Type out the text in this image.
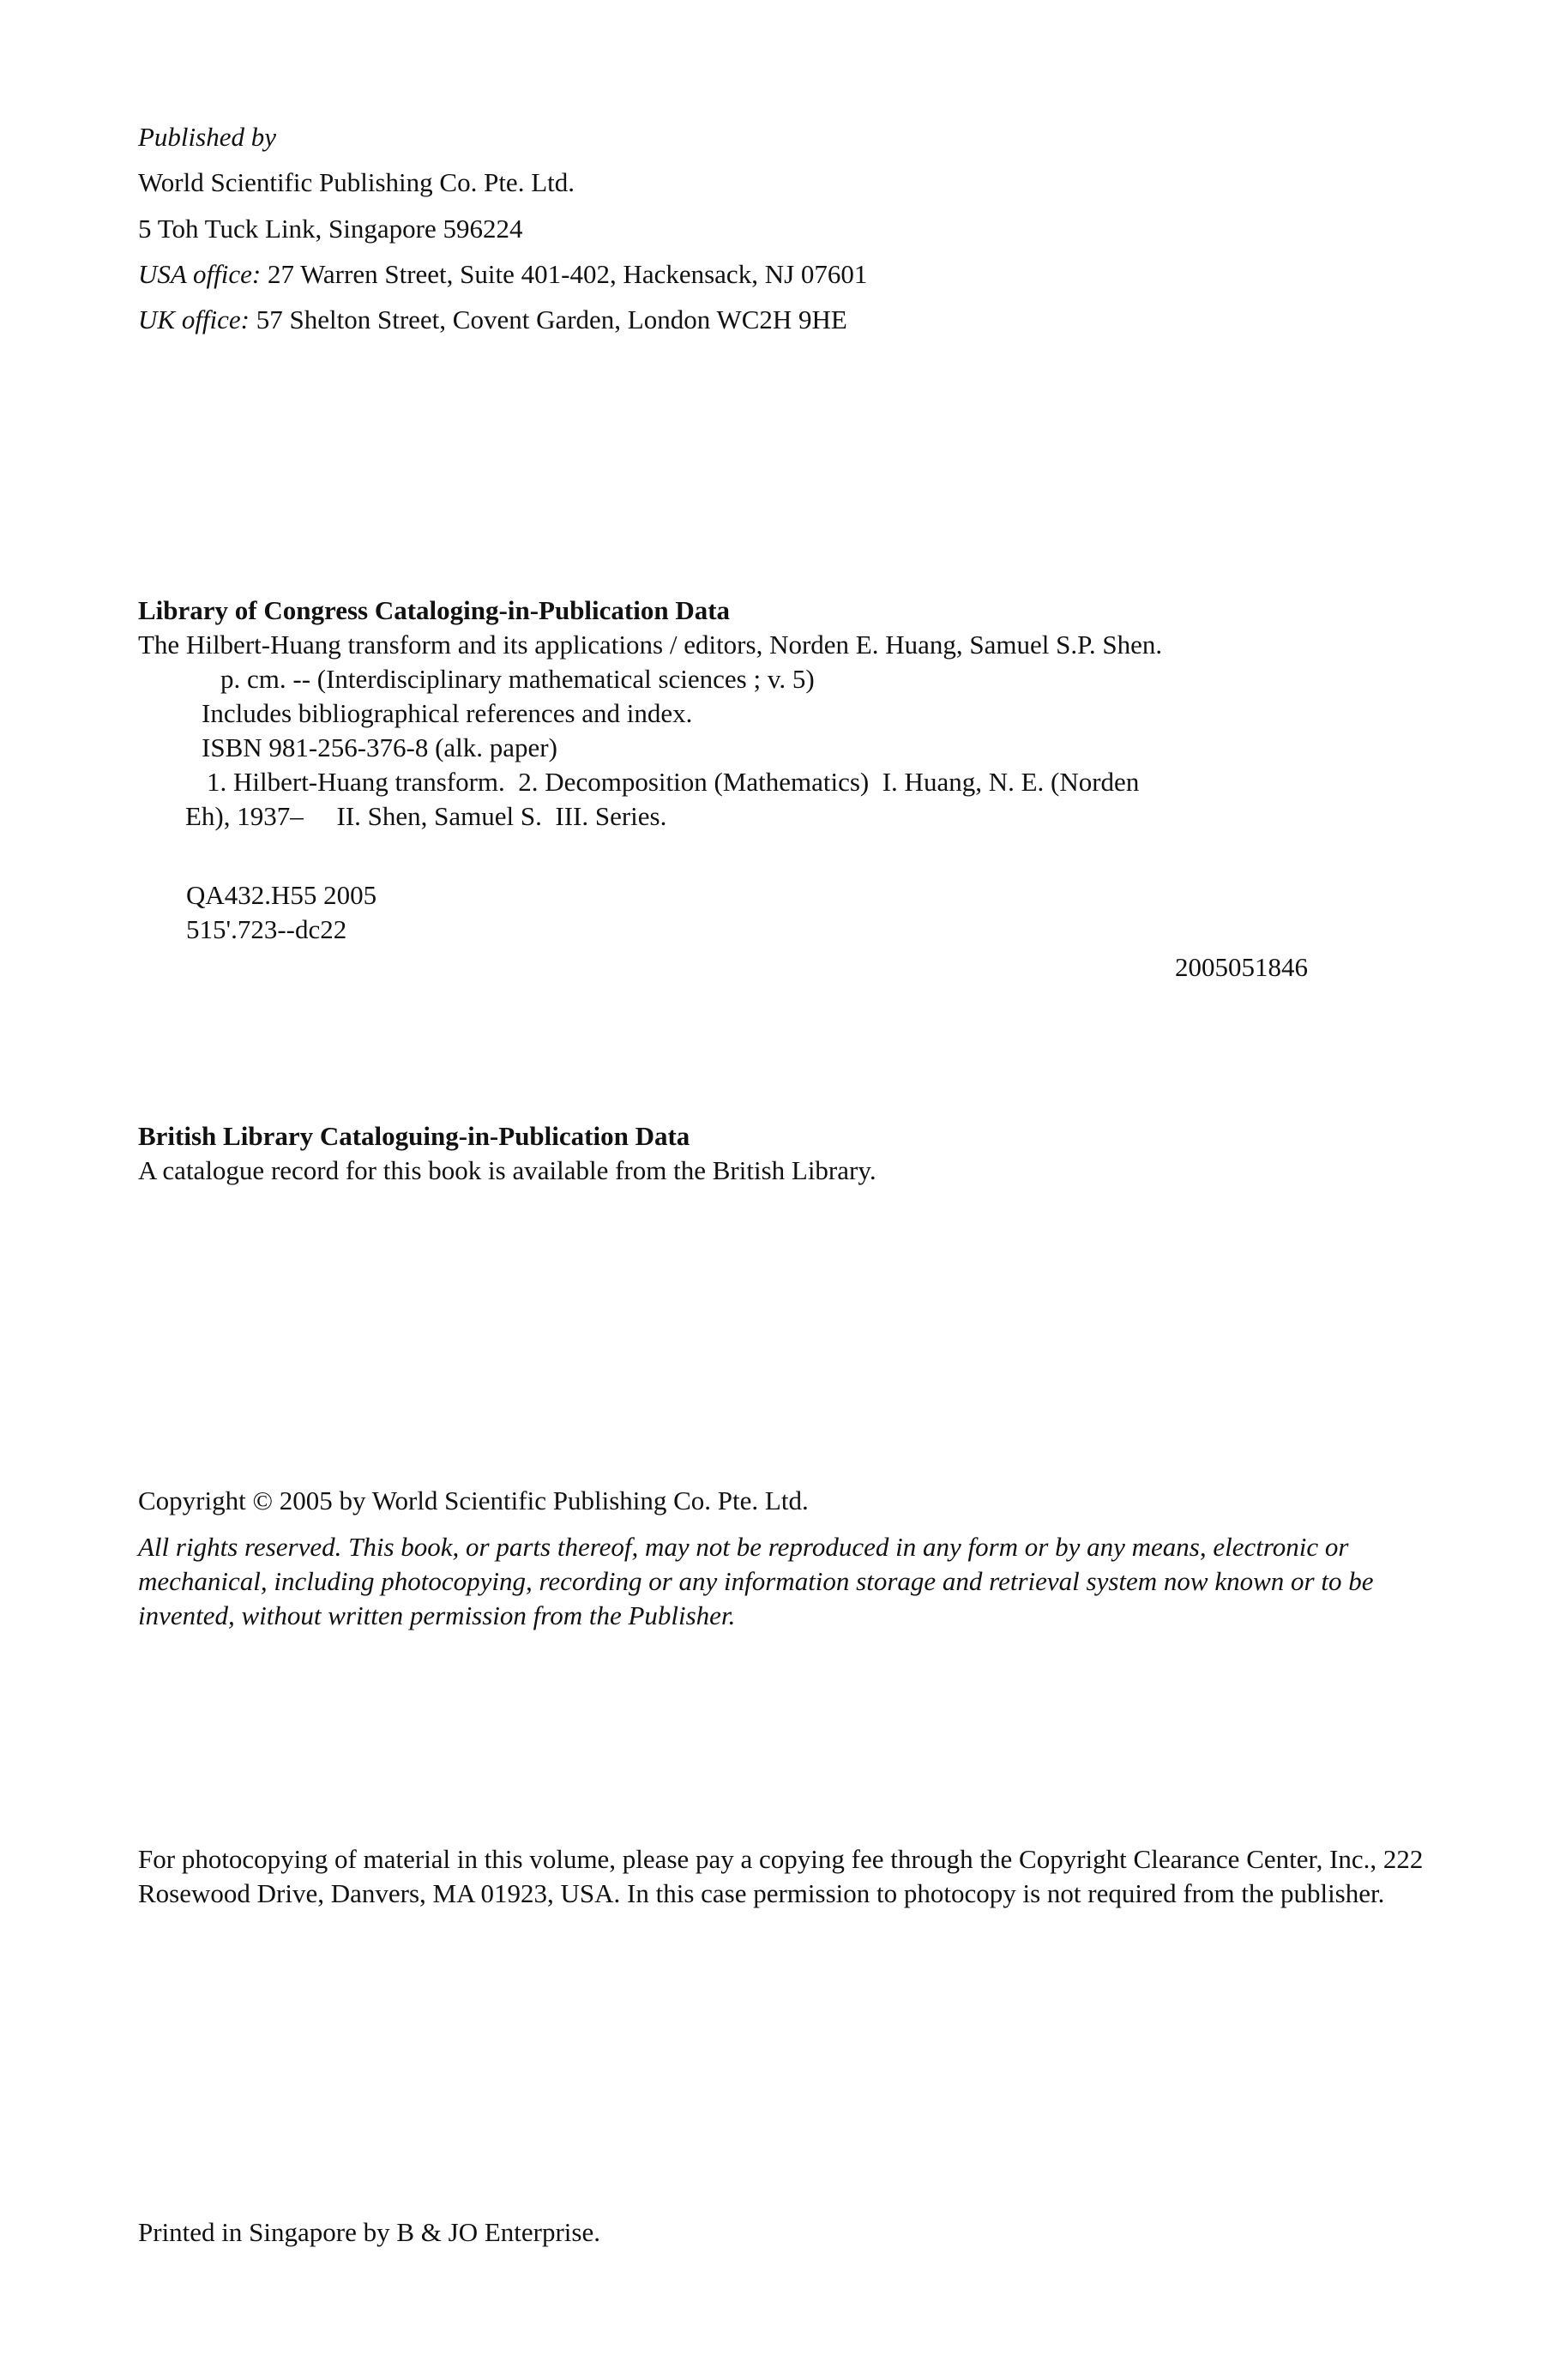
Published by
World Scientific Publishing Co. Pte. Ltd.
5 Toh Tuck Link, Singapore 596224
USA office: 27 Warren Street, Suite 401-402, Hackensack, NJ 07601
UK office: 57 Shelton Street, Covent Garden, London WC2H 9HE
Library of Congress Cataloging-in-Publication Data
The Hilbert-Huang transform and its applications / editors, Norden E. Huang, Samuel S.P. Shen.
p. cm. -- (Interdisciplinary mathematical sciences ; v. 5)
Includes bibliographical references and index.
ISBN 981-256-376-8 (alk. paper)
1. Hilbert-Huang transform.  2. Decomposition (Mathematics)  I. Huang, N. E. (Norden
Eh), 1937–     II. Shen, Samuel S.  III. Series.
QA432.H55 2005
515'.723--dc22
2005051846
British Library Cataloguing-in-Publication Data
A catalogue record for this book is available from the British Library.
Copyright © 2005 by World Scientific Publishing Co. Pte. Ltd.
All rights reserved. This book, or parts thereof, may not be reproduced in any form or by any means, electronic or mechanical, including photocopying, recording or any information storage and retrieval system now known or to be invented, without written permission from the Publisher.
For photocopying of material in this volume, please pay a copying fee through the Copyright Clearance Center, Inc., 222 Rosewood Drive, Danvers, MA 01923, USA. In this case permission to photocopy is not required from the publisher.
Printed in Singapore by B & JO Enterprise.
